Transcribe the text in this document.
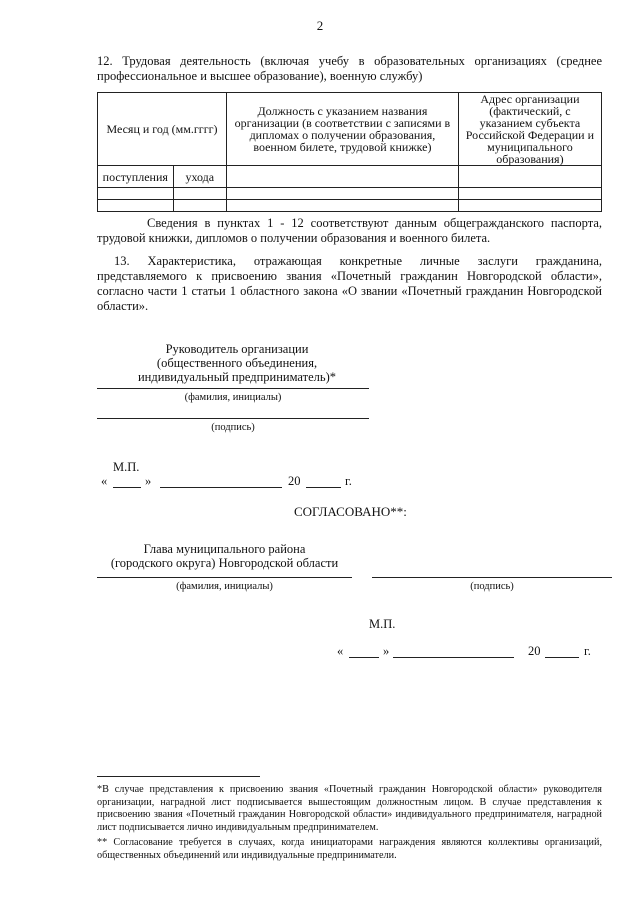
2
12. Трудовая деятельность (включая учебу в образовательных организациях (среднее профессиональное и высшее образование), военную службу)
Месяц и год (мм.гггг)		Должность с указанием названия организации (в соответствии с записями в дипломах о получении образования, военном билете, трудовой книжке)	Адрес организации (фактический, с указанием субъекта Российской Федерации и муниципального образования)
поступления	ухода		

Сведения в пунктах 1 - 12 соответствуют данным общегражданского паспорта, трудовой книжки, дипломов о получении образования и военного билета.
13. Характеристика, отражающая конкретные личные заслуги гражданина, представляемого к присвоению звания «Почетный гражданин Новгородской области», согласно части 1 статьи 1 областного закона «О звании «Почетный гражданин Новгородской области».
Руководитель организации
(общественного объединения,
индивидуальный предприниматель)*
(фамилия, инициалы)
(подпись)
М.П.
«	»	20	г.
СОГЛАСОВАНО**:
Глава муниципального района
(городского округа) Новгородской области
(фамилия, инициалы)	(подпись)
М.П.
«	»	20	г.
*В случае представления к присвоению звания «Почетный гражданин Новгородской области» руководителя организации, наградной лист подписывается вышестоящим должностным лицом. В случае представления к присвоению звания «Почетный гражданин Новгородской области» индивидуального предпринимателя, наградной лист подписывается лично индивидуальным предпринимателем.
** Согласование требуется в случаях, когда инициаторами награждения являются коллективы организаций, общественных объединений или индивидуальные предприниматели.
